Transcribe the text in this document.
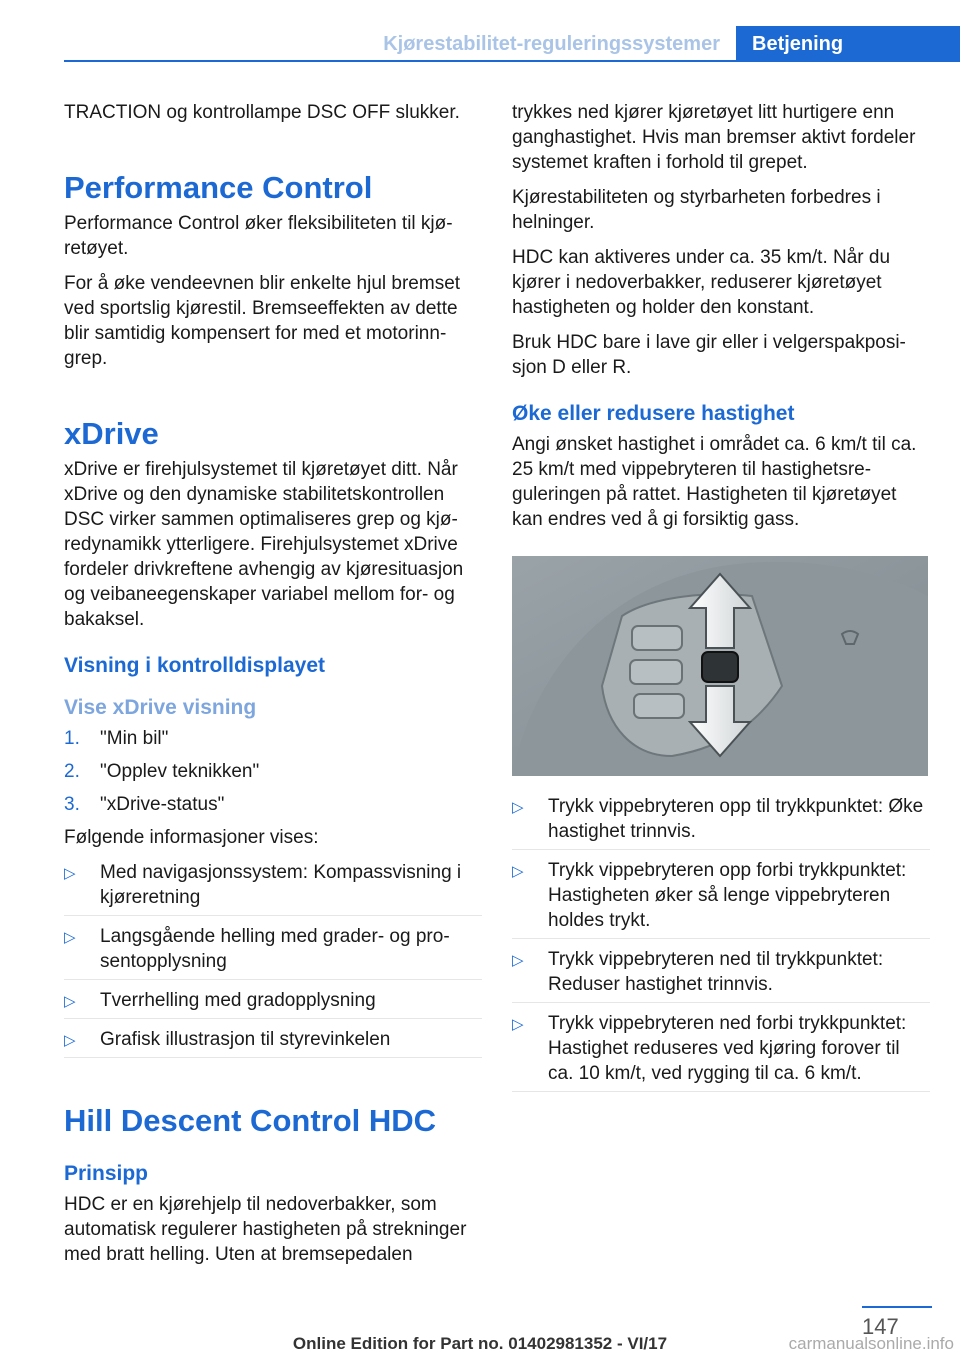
Kjørestabilitet-reguleringssystemer	Betjening

TRACTION og kontrollampe DSC OFF slukker.

Performance Control

Performance Control øker fleksibiliteten til kjøretøyet.

For å øke vendeevnen blir enkelte hjul bremset ved sportslig kjørestil. Bremseeffekten av dette blir samtidig kompensert for med et motorinngrep.

xDrive

xDrive er firehjulsystemet til kjøretøyet ditt. Når xDrive og den dynamiske stabilitetskontrollen DSC virker sammen optimaliseres grep og kjøredynamikk ytterligere. Firehjulsystemet xDrive fordeler drivkreftene avhengig av kjøresituasjon og veibaneegenskaper variabel mellom for- og bakaksel.

Visning i kontrolldisplayet
Vise xDrive visning
1. "Min bil"
2. "Opplev teknikken"
3. "xDrive-status"

Følgende informasjoner vises:

▷ Med navigasjonssystem: Kompassvisning i kjøreretning
▷ Langsgående helling med grader- og prosentopplysning
▷ Tverrhelling med gradopplysning
▷ Grafisk illustrasjon til styrevinkelen
Hill Descent Control HDC
Prinsipp

HDC er en kjørehjelp til nedoverbakker, som automatisk regulerer hastigheten på strekninger med bratt helling. Uten at bremsepedalen

trykkes ned kjører kjøretøyet litt hurtigere enn ganghastighet. Hvis man bremser aktivt fordeler systemet kraften i forhold til grepet.

Kjørestabiliteten og styrbarheten forbedres i helninger.

HDC kan aktiveres under ca. 35 km/t. Når du kjører i nedoverbakker, reduserer kjøretøyet hastigheten og holder den konstant.

Bruk HDC bare i lave gir eller i velgerspakposisjon D eller R.

Øke eller redusere hastighet

Angi ønsket hastighet i området ca. 6 km/t til ca. 25 km/t med vippebryteren til hastighetsreguleringen på rattet. Hastigheten til kjøretøyet kan endres ved å gi forsiktig gass.

▷ Trykk vippebryteren opp til trykkpunktet: Øke hastighet trinnvis.
▷ Trykk vippebryteren opp forbi trykkpunktet: Hastigheten øker så lenge vippebryteren holdes trykt.
▷ Trykk vippebryteren ned til trykkpunktet: Reduser hastighet trinnvis.
▷ Trykk vippebryteren ned forbi trykkpunktet: Hastighet reduseres ved kjøring forover til ca. 10 km/t, ved rygging til ca. 6 km/t.
147
Online Edition for Part no. 01402981352 - VI/17	carmanualsonline.info
